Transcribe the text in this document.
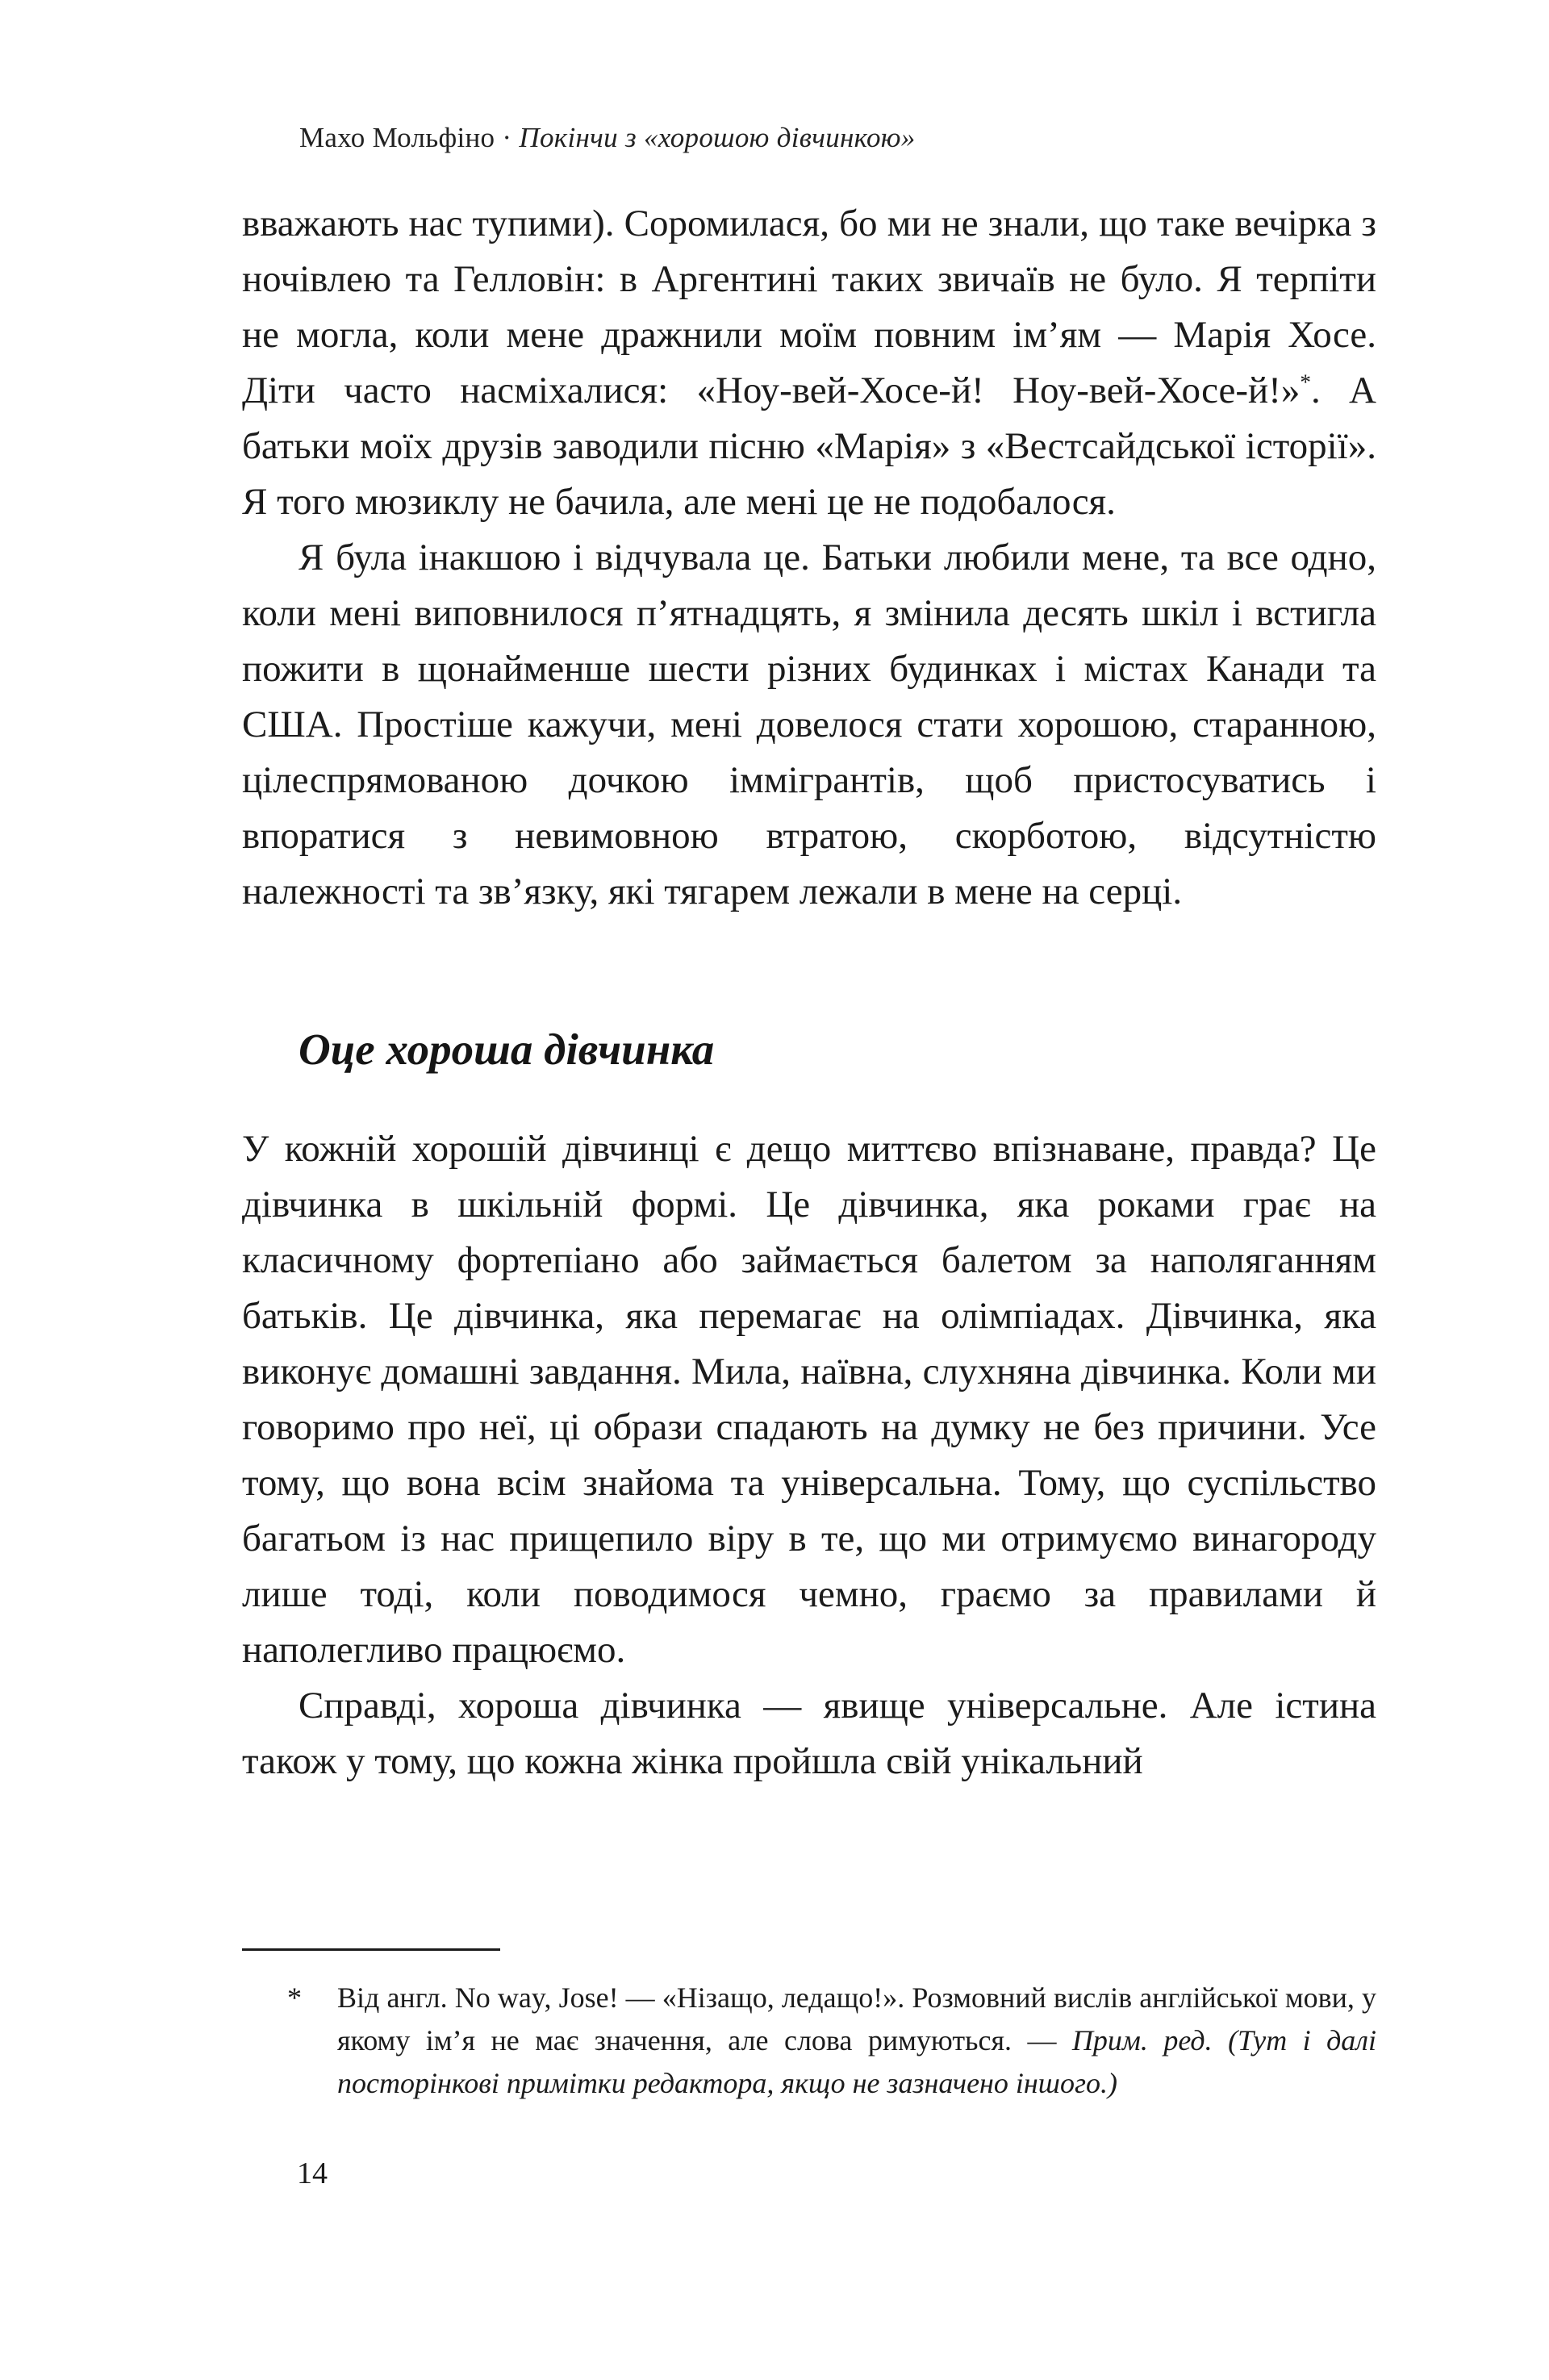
Махо Мольфіно · Покінчи з «хорошою дівчинкою»

вважають нас тупими). Соромилася, бо ми не знали, що таке вечірка з ночівлею та Гелловін: в Аргентині таких звичаїв не було. Я терпіти не могла, коли мене дражнили моїм повним ім’ям — Марія Хосе. Діти часто насміхалися: «Ноу-вей-Хосе-й! Ноу-вей-Хосе-й!»*. А батьки моїх друзів заводили пісню «Марія» з «Вестсайдської історії». Я того мюзиклу не бачила, але мені це не подобалося.

Я була інакшою і відчувала це. Батьки любили мене, та все одно, коли мені виповнилося п’ятнадцять, я змінила десять шкіл і встигла пожити в щонайменше шести різних будинках і містах Канади та США. Простіше кажучи, мені довелося стати хорошою, старанною, цілеспрямованою дочкою іммігрантів, щоб пристосуватись і впоратися з невимовною втратою, скорботою, відсутністю належності та зв’язку, які тягарем лежали в мене на серці.

Оце хороша дівчинка

У кожній хорошій дівчинці є дещо миттєво впізнаване, правда? Це дівчинка в шкільній формі. Це дівчинка, яка роками грає на класичному фортепіано або займається балетом за наполяганням батьків. Це дівчинка, яка перемагає на олімпіадах. Дівчинка, яка виконує домашні завдання. Мила, наївна, слухняна дівчинка. Коли ми говоримо про неї, ці образи спадають на думку не без причини. Усе тому, що вона всім знайома та універсальна. Тому, що суспільство багатьом із нас прищепило віру в те, що ми отримуємо винагороду лише тоді, коли поводимося чемно, граємо за правилами й наполегливо працюємо.

Справді, хороша дівчинка — явище універсальне. Але істина також у тому, що кожна жінка пройшла свій унікальний

*	Від англ. No way, Jose! — «Нізащо, ледащо!». Розмовний вислів англійської мови, у якому ім’я не має значення, але слова римуються. — Прим. ред. (Тут і далі посторінкові примітки редактора, якщо не зазначено іншого.)
14
